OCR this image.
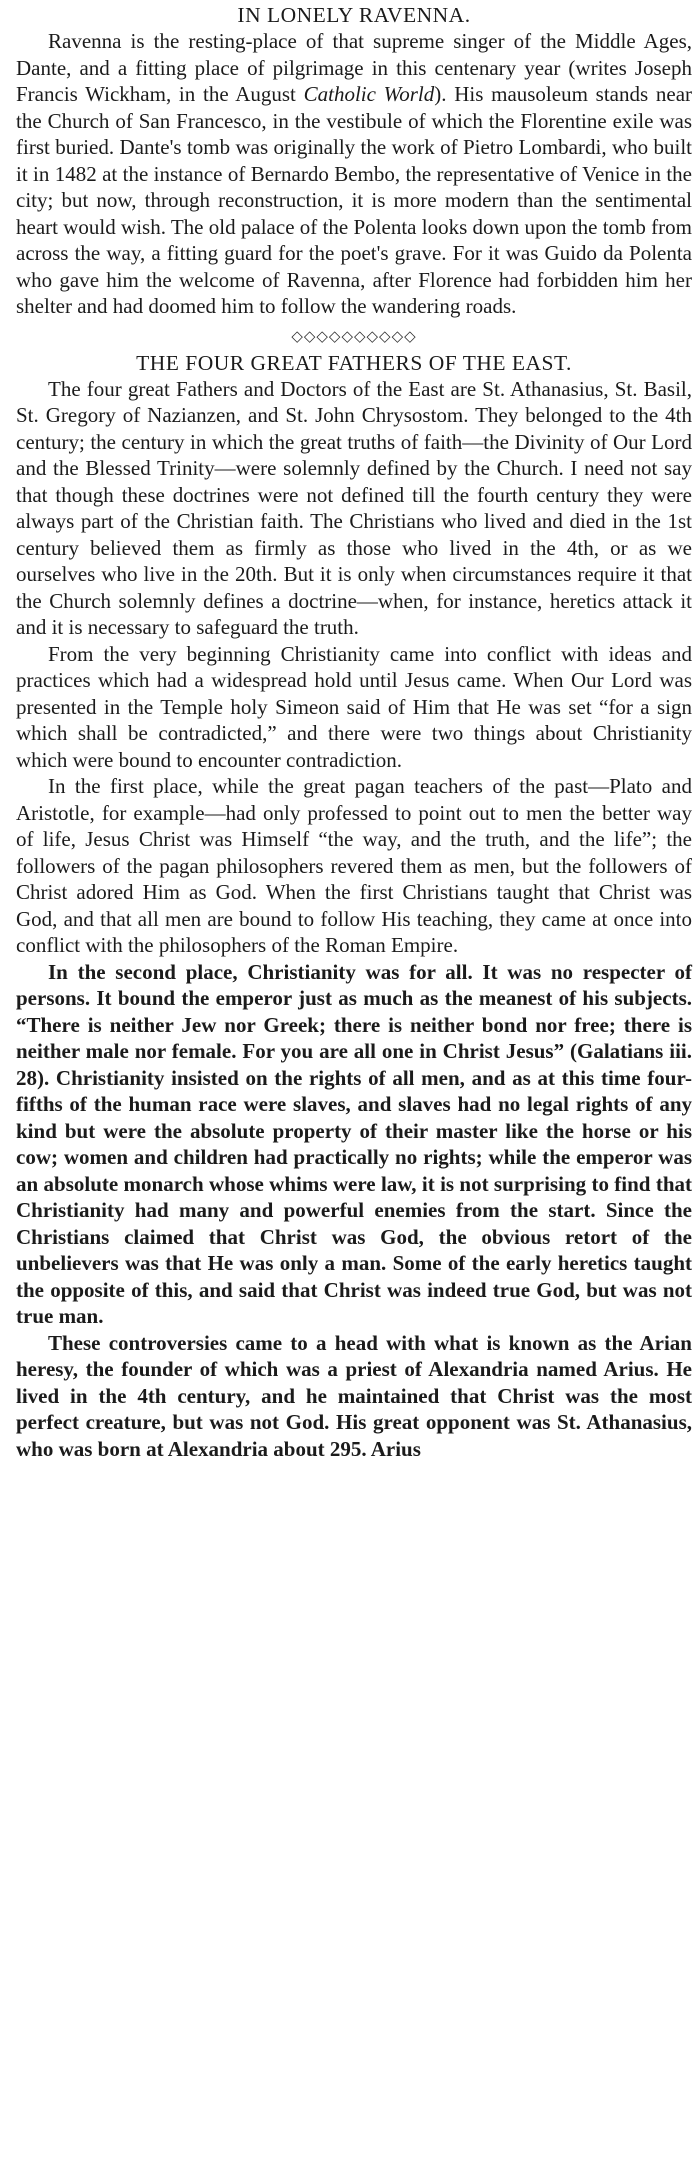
IN LONELY RAVENNA.

Ravenna is the resting-place of that supreme singer of the Middle Ages, Dante, and a fitting place of pilgrimage in this centenary year (writes Joseph Francis Wickham, in the August Catholic World). His mausoleum stands near the Church of San Francesco, in the vestibule of which the Florentine exile was first buried. Dante's tomb was originally the work of Pietro Lombardi, who built it in 1482 at the instance of Bernardo Bembo, the representative of Venice in the city; but now, through reconstruction, it is more modern than the sentimental heart would wish. The old palace of the Polenta looks down upon the tomb from across the way, a fitting guard for the poet's grave. For it was Guido da Polenta who gave him the welcome of Ravenna, after Florence had forbidden him her shelter and had doomed him to follow the wandering roads.

◇◇◇◇◇◇◇◇◇◇
THE FOUR GREAT FATHERS OF THE EAST.

The four great Fathers and Doctors of the East are St. Athanasius, St. Basil, St. Gregory of Nazianzen, and St. John Chrysostom. They belonged to the 4th century; the century in which the great truths of faith—the Divinity of Our Lord and the Blessed Trinity—were solemnly defined by the Church. I need not say that though these doctrines were not defined till the fourth century they were always part of the Christian faith. The Christians who lived and died in the 1st century believed them as firmly as those who lived in the 4th, or as we ourselves who live in the 20th. But it is only when circumstances require it that the Church solemnly defines a doctrine—when, for instance, heretics attack it and it is necessary to safeguard the truth.

From the very beginning Christianity came into conflict with ideas and practices which had a widespread hold until Jesus came. When Our Lord was presented in the Temple holy Simeon said of Him that He was set “for a sign which shall be contradicted,” and there were two things about Christianity which were bound to encounter contradiction.

In the first place, while the great pagan teachers of the past—Plato and Aristotle, for example—had only professed to point out to men the better way of life, Jesus Christ was Himself “the way, and the truth, and the life”; the followers of the pagan philosophers revered them as men, but the followers of Christ adored Him as God. When the first Christians taught that Christ was God, and that all men are bound to follow His teaching, they came at once into conflict with the philosophers of the Roman Empire.

In the second place, Christianity was for all. It was no respecter of persons. It bound the emperor just as much as the meanest of his subjects. “There is neither Jew nor Greek; there is neither bond nor free; there is neither male nor female. For you are all one in Christ Jesus” (Galatians iii. 28). Christianity insisted on the rights of all men, and as at this time four-fifths of the human race were slaves, and slaves had no legal rights of any kind but were the absolute property of their master like the horse or his cow; women and children had practically no rights; while the emperor was an absolute monarch whose whims were law, it is not surprising to find that Christianity had many and powerful enemies from the start. Since the Christians claimed that Christ was God, the obvious retort of the unbelievers was that He was only a man. Some of the early heretics taught the opposite of this, and said that Christ was indeed true God, but was not true man.

These controversies came to a head with what is known as the Arian heresy, the founder of which was a priest of Alexandria named Arius. He lived in the 4th century, and he maintained that Christ was the most perfect creature, but was not God. His great opponent was St. Athanasius, who was born at Alexandria about 295. Arius
